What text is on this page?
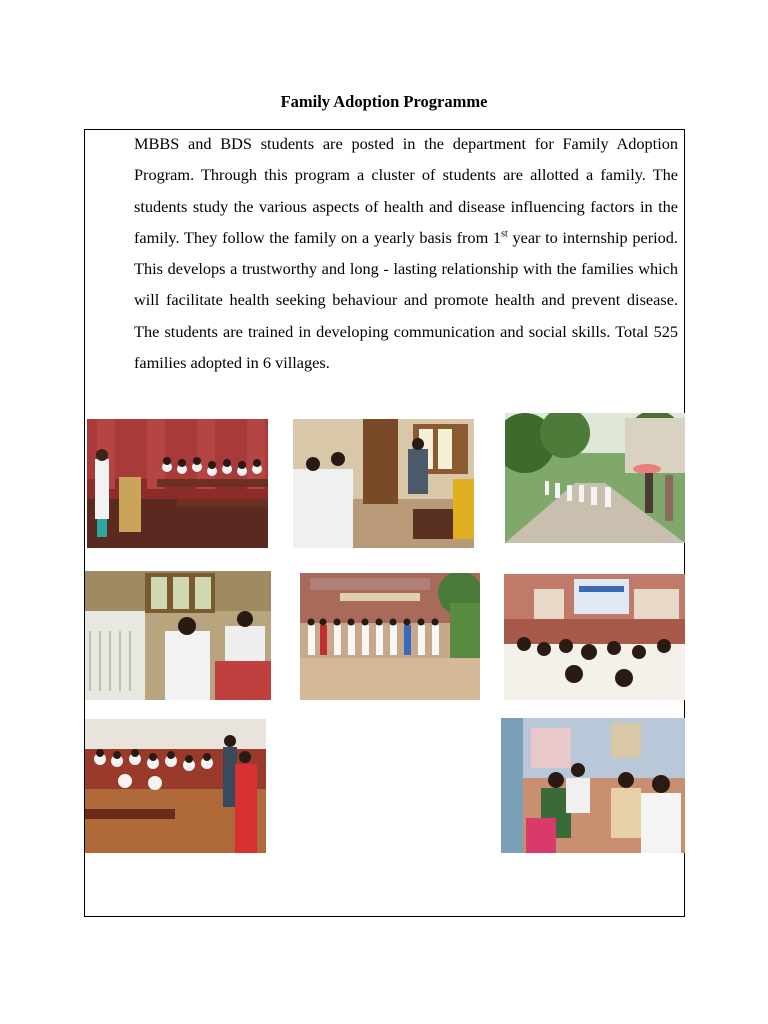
Family Adoption Programme
MBBS and BDS students are posted in the department for Family Adoption Program. Through this program a cluster of students are allotted a family. The students study the various aspects of health and disease influencing factors in the family. They follow the family on a yearly basis from 1st year to internship period. This develops a trustworthy and long - lasting relationship with the families which will facilitate health seeking behaviour and promote health and prevent disease. The students are trained in developing communication and social skills. Total 525 families adopted in 6 villages.
